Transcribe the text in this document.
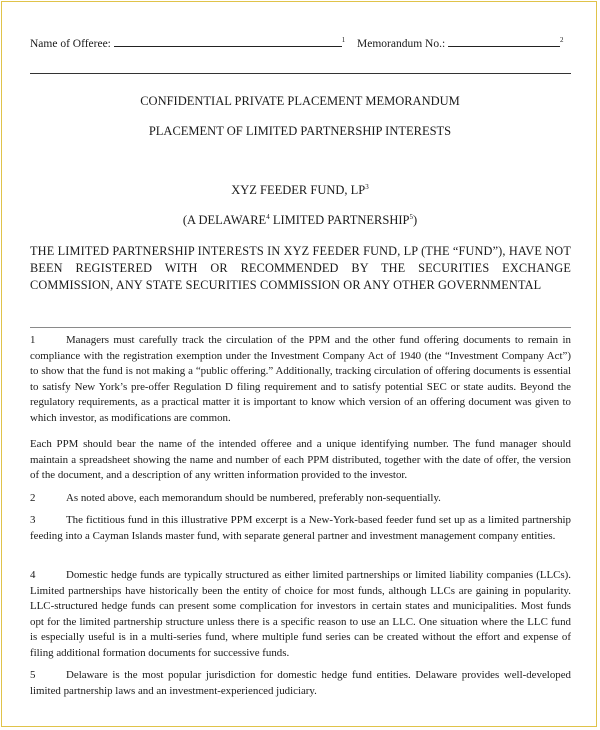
Name of Offeree:	$^1$ Memorandum No.:	$^2$
CONFIDENTIAL PRIVATE PLACEMENT MEMORANDUM
PLACEMENT OF LIMITED PARTNERSHIP INTERESTS
XYZ FEEDER FUND, $LP^3$
(A DELAWARE$^4$ LIMITED PARTNERSHIP$^5$)
THE LIMITED PARTNERSHIP INTERESTS IN XYZ FEEDER FUND, LP (THE “FUND”), HAVE NOT BEEN REGISTERED WITH OR RECOMMENDED BY THE SECURITIES EXCHANGE COMMISSION, ANY STATE SECURITIES COMMISSION OR ANY OTHER GOVERNMENTAL
1	Managers must carefully track the circulation of the PPM and the other fund offering documents to remain in compliance with the registration exemption under the Investment Company Act of 1940 (the “Investment Company Act”) to show that the fund is not making a “public offering.” Additionally, tracking circulation of offering documents is essential to satisfy New York’s pre-offer Regulation D filing requirement and to satisfy potential SEC or state audits. Beyond the regulatory requirements, as a practical matter it is important to know which version of an offering document was given to which investor, as modifications are common.
Each PPM should bear the name of the intended offeree and a unique identifying number. The fund manager should maintain a spreadsheet showing the name and number of each PPM distributed, together with the date of offer, the version of the document, and a description of any written information provided to the investor.
2	As noted above, each memorandum should be numbered, preferably non-sequentially.
3	The fictitious fund in this illustrative PPM excerpt is a New-York-based feeder fund set up as a limited partnership feeding into a Cayman Islands master fund, with separate general partner and investment management company entities.
4	Domestic hedge funds are typically structured as either limited partnerships or limited liability companies (LLCs). Limited partnerships have historically been the entity of choice for most funds, although LLCs are gaining in popularity. LLC-structured hedge funds can present some complication for investors in certain states and municipalities. Most funds opt for the limited partnership structure unless there is a specific reason to use an LLC. One situation where the LLC fund is especially useful is in a multi-series fund, where multiple fund series can be created without the effort and expense of filing additional formation documents for successive funds.
5	Delaware is the most popular jurisdiction for domestic hedge fund entities. Delaware provides well-developed limited partnership laws and an investment-experienced judiciary.
